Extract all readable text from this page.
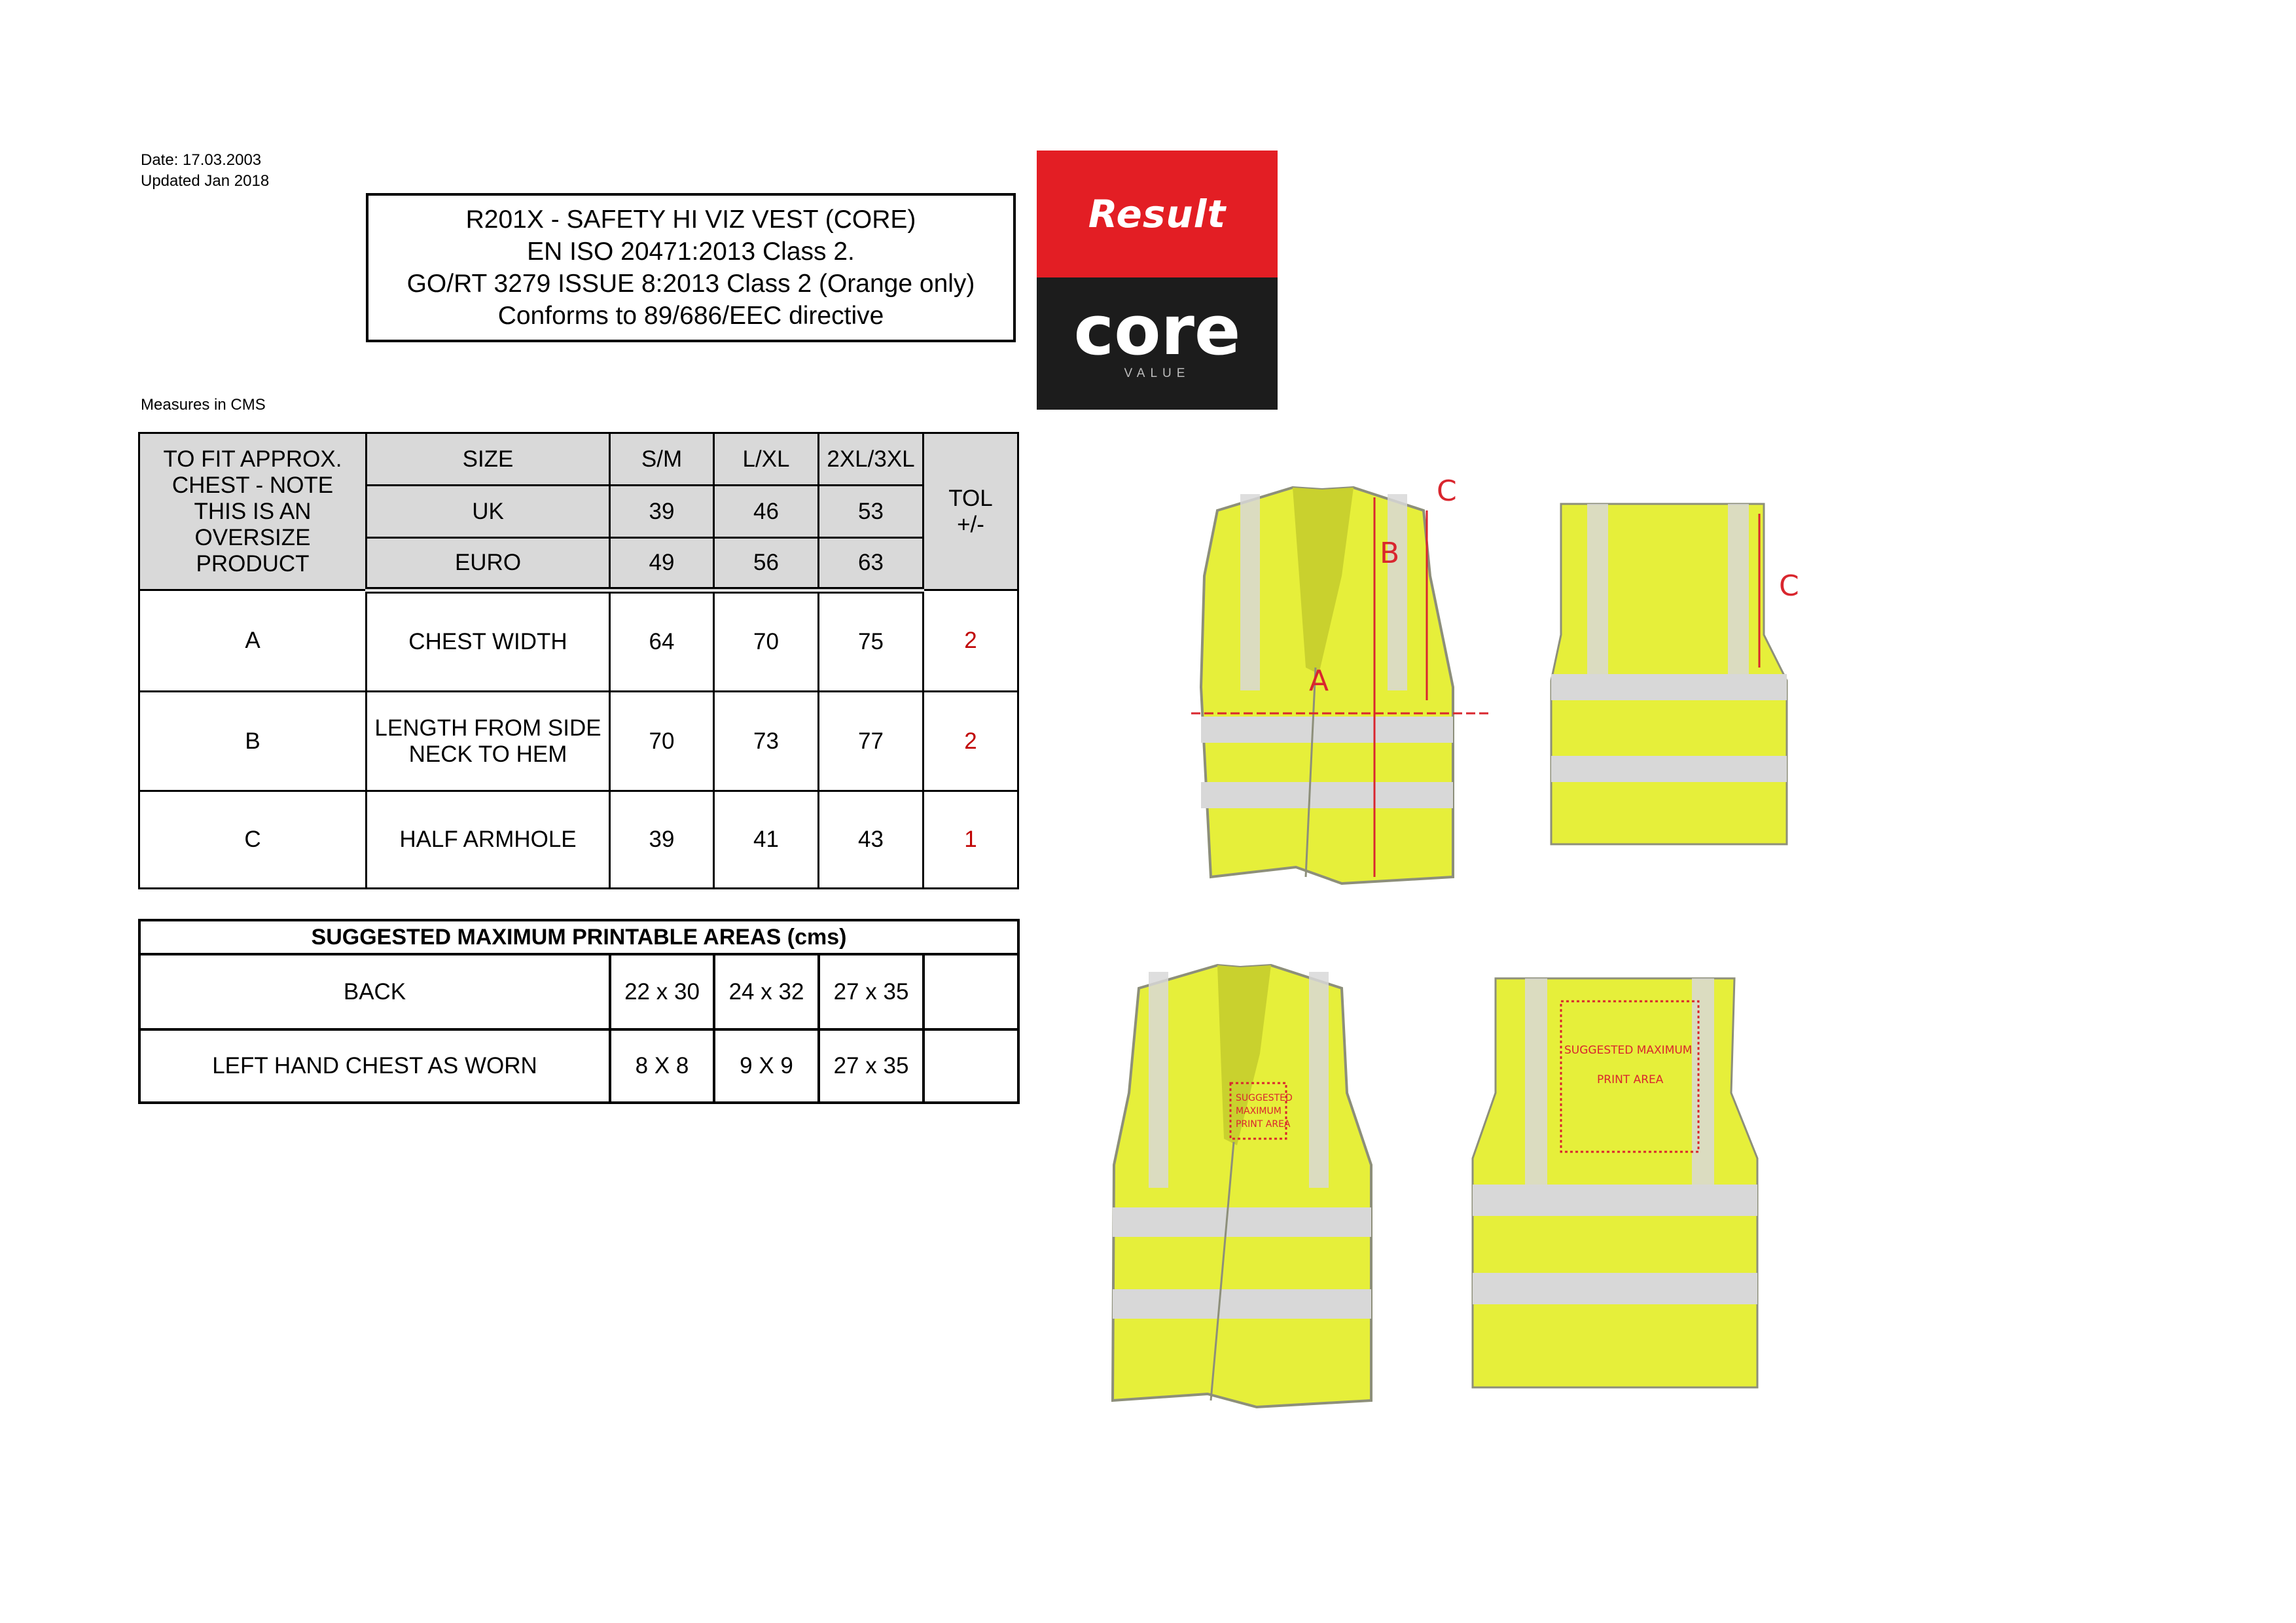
Date: 17.03.2003
Updated Jan 2018
R201X - SAFETY HI VIZ VEST (CORE)
EN ISO 20471:2013 Class 2.
GO/RT 3279 ISSUE 8:2013 Class 2 (Orange only)
Conforms to 89/686/EEC directive
Measures in CMS
Result
core
VALUE
TO FIT APPROX. CHEST - NOTE THIS IS AN OVERSIZE PRODUCT	SIZE	S/M	L/XL	2XL/3XL	TOL +/-
	UK	39	46	53	
	EURO	49	56	63	
A	CHEST WIDTH	64	70	75	2
B	LENGTH FROM SIDE NECK TO HEM	70	73	77	2
C	HALF ARMHOLE	39	41	43	1
SUGGESTED MAXIMUM PRINTABLE AREAS (cms)				
BACK	22 x 30	24 x 32	27 x 35	
LEFT HAND CHEST AS WORN	8 X 8	9 X 9	27 x 35	
B
A
C
C
SUGGESTED
MAXIMUM
PRINT AREA
SUGGESTED MAXIMUM
PRINT AREA
